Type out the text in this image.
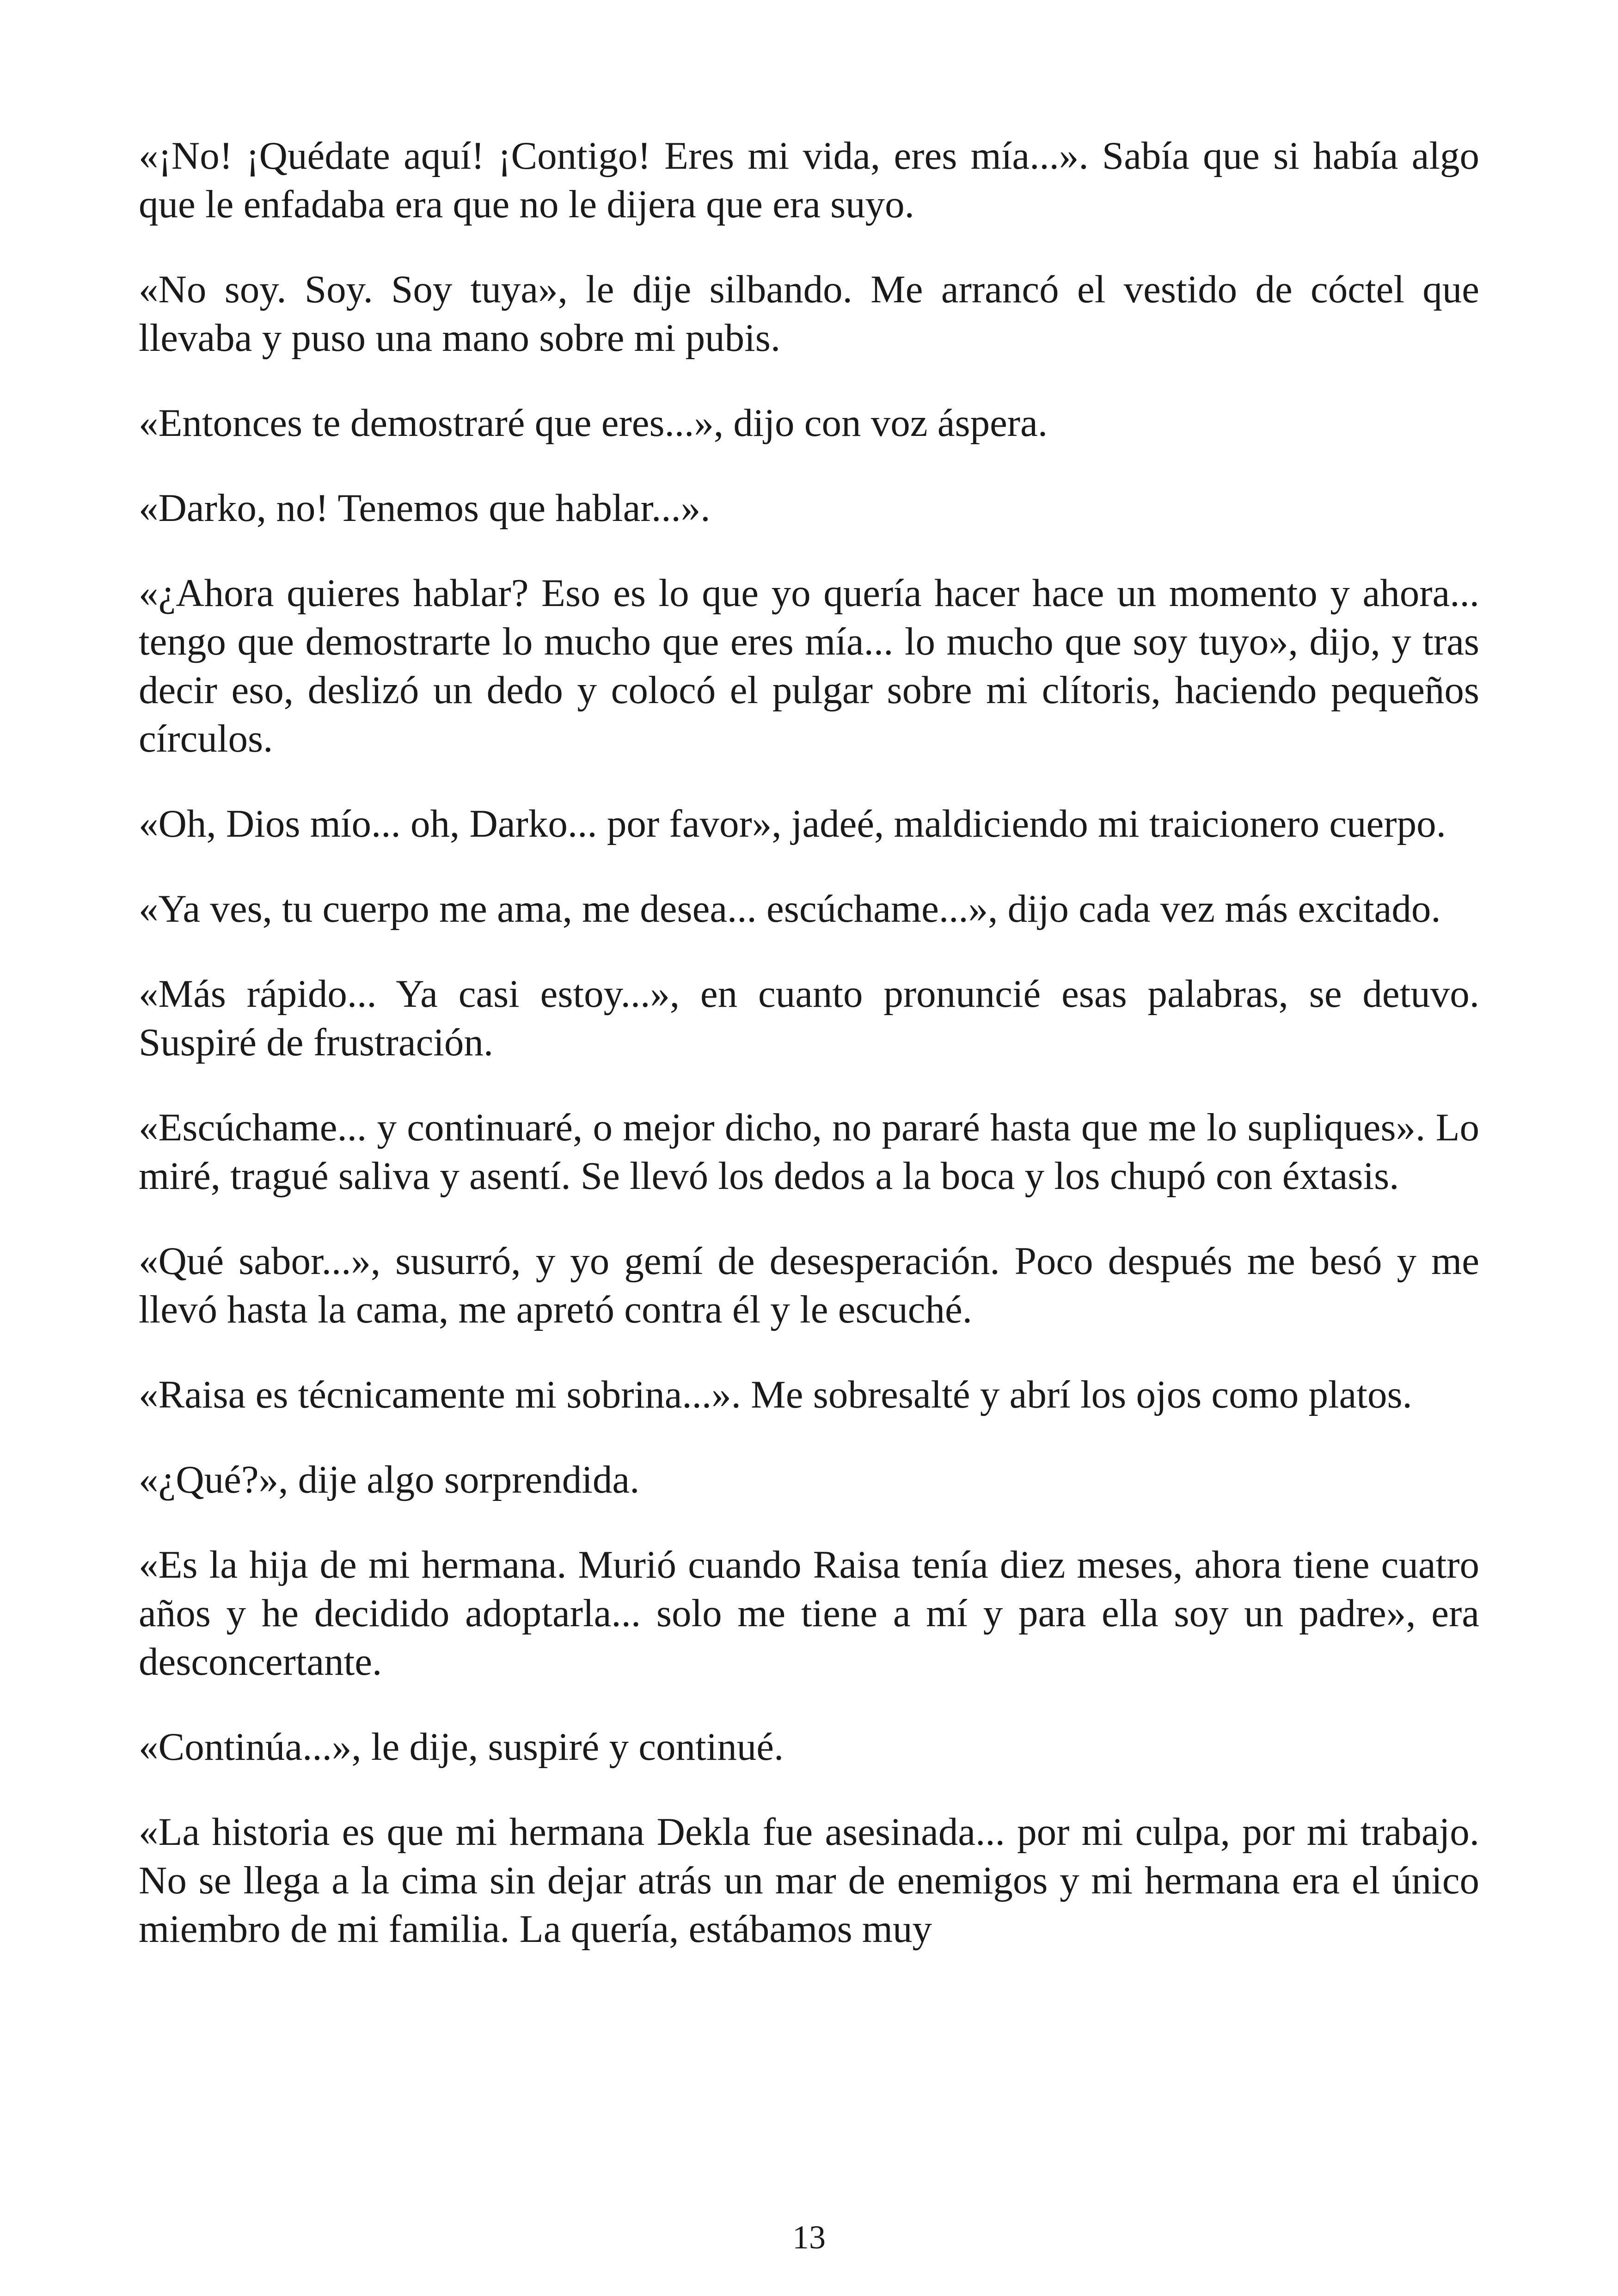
«¡No! ¡Quédate aquí! ¡Contigo! Eres mi vida, eres mía...». Sabía que si había algo que le enfadaba era que no le dijera que era suyo.

«No soy. Soy. Soy tuya», le dije silbando. Me arrancó el vestido de cóctel que llevaba y puso una mano sobre mi pubis.

«Entonces te demostraré que eres...», dijo con voz áspera.

«Darko, no! Tenemos que hablar...».

«¿Ahora quieres hablar? Eso es lo que yo quería hacer hace un momento y ahora... tengo que demostrarte lo mucho que eres mía... lo mucho que soy tuyo», dijo, y tras decir eso, deslizó un dedo y colocó el pulgar sobre mi clítoris, haciendo pequeños círculos.

«Oh, Dios mío... oh, Darko... por favor», jadeé, maldiciendo mi traicionero cuerpo.

«Ya ves, tu cuerpo me ama, me desea... escúchame...», dijo cada vez más excitado.

«Más rápido... Ya casi estoy...», en cuanto pronuncié esas palabras, se detuvo. Suspiré de frustración.

«Escúchame... y continuaré, o mejor dicho, no pararé hasta que me lo supliques». Lo miré, tragué saliva y asentí. Se llevó los dedos a la boca y los chupó con éxtasis.

«Qué sabor...», susurró, y yo gemí de desesperación. Poco después me besó y me llevó hasta la cama, me apretó contra él y le escuché.

«Raisa es técnicamente mi sobrina...». Me sobresalté y abrí los ojos como platos.

«¿Qué?», dije algo sorprendida.

«Es la hija de mi hermana. Murió cuando Raisa tenía diez meses, ahora tiene cuatro años y he decidido adoptarla... solo me tiene a mí y para ella soy un padre», era desconcertante.

«Continúa...», le dije, suspiré y continué.

«La historia es que mi hermana Dekla fue asesinada... por mi culpa, por mi trabajo. No se llega a la cima sin dejar atrás un mar de enemigos y mi hermana era el único miembro de mi familia. La quería, estábamos muy

13
